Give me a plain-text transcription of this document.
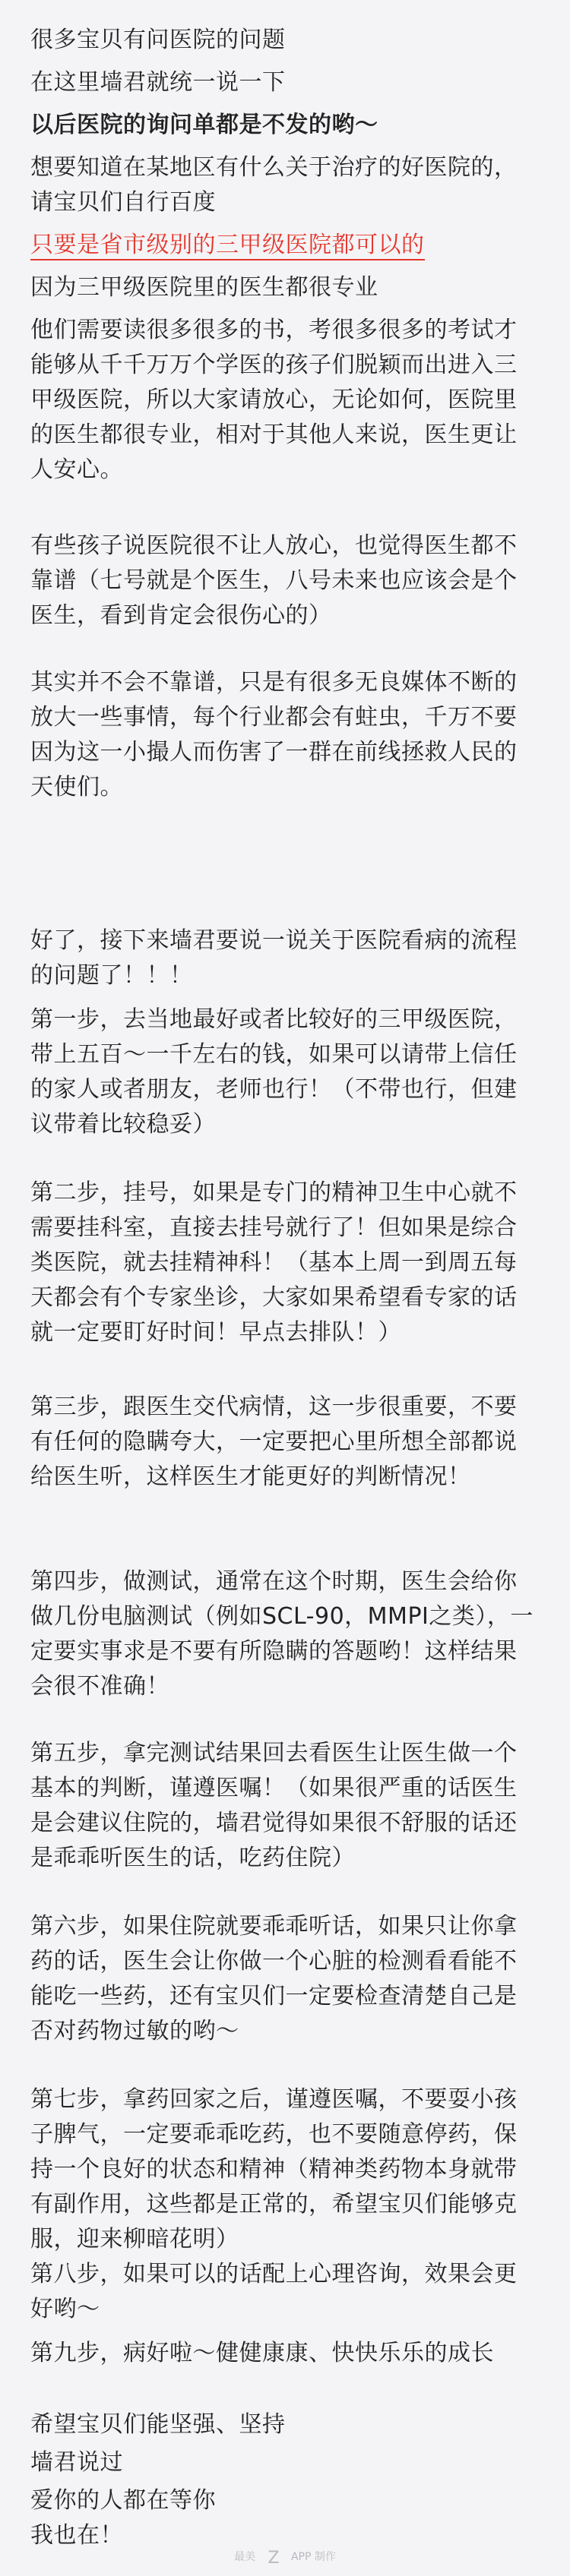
很多宝贝有问医院的问题

在这里墙君就统一说一下

以后医院的询问单都是不发的哟～

想要知道在某地区有什么关于治疗的好医院的，请宝贝们自行百度

只要是省市级别的三甲级医院都可以的

因为三甲级医院里的医生都很专业

他们需要读很多很多的书，考很多很多的考试才能够从千千万万个学医的孩子们脱颖而出进入三甲级医院，所以大家请放心，无论如何，医院里的医生都很专业，相对于其他人来说，医生更让人安心。

有些孩子说医院很不让人放心，也觉得医生都不靠谱（七号就是个医生，八号未来也应该会是个医生，看到肯定会很伤心的）

其实并不会不靠谱，只是有很多无良媒体不断的放大一些事情，每个行业都会有蛀虫，千万不要因为这一小撮人而伤害了一群在前线拯救人民的天使们。

好了，接下来墙君要说一说关于医院看病的流程的问题了！！！

第一步，去当地最好或者比较好的三甲级医院，带上五百～一千左右的钱，如果可以请带上信任的家人或者朋友，老师也行！（不带也行，但建议带着比较稳妥）

第二步，挂号，如果是专门的精神卫生中心就不需要挂科室，直接去挂号就行了！但如果是综合类医院，就去挂精神科！（基本上周一到周五每天都会有个专家坐诊，大家如果希望看专家的话就一定要盯好时间！早点去排队！）

第三步，跟医生交代病情，这一步很重要，不要有任何的隐瞒夸大，一定要把心里所想全部都说给医生听，这样医生才能更好的判断情况！

第四步，做测试，通常在这个时期，医生会给你做几份电脑测试（例如SCL-90，MMPI之类），一定要实事求是不要有所隐瞒的答题哟！这样结果会很不准确！

第五步，拿完测试结果回去看医生让医生做一个基本的判断，谨遵医嘱！（如果很严重的话医生是会建议住院的，墙君觉得如果很不舒服的话还是乖乖听医生的话，吃药住院）

第六步，如果住院就要乖乖听话，如果只让你拿药的话，医生会让你做一个心脏的检测看看能不能吃一些药，还有宝贝们一定要检查清楚自己是否对药物过敏的哟～

第七步，拿药回家之后，谨遵医嘱，不要耍小孩子脾气，一定要乖乖吃药，也不要随意停药，保持一个良好的状态和精神（精神类药物本身就带有副作用，这些都是正常的，希望宝贝们能够克服，迎来柳暗花明）

第八步，如果可以的话配上心理咨询，效果会更好哟～

第九步，病好啦～健健康康、快快乐乐的成长

希望宝贝们能坚强、坚持

墙君说过

爱你的人都在等你

我也在！

最美 Z APP 制作
